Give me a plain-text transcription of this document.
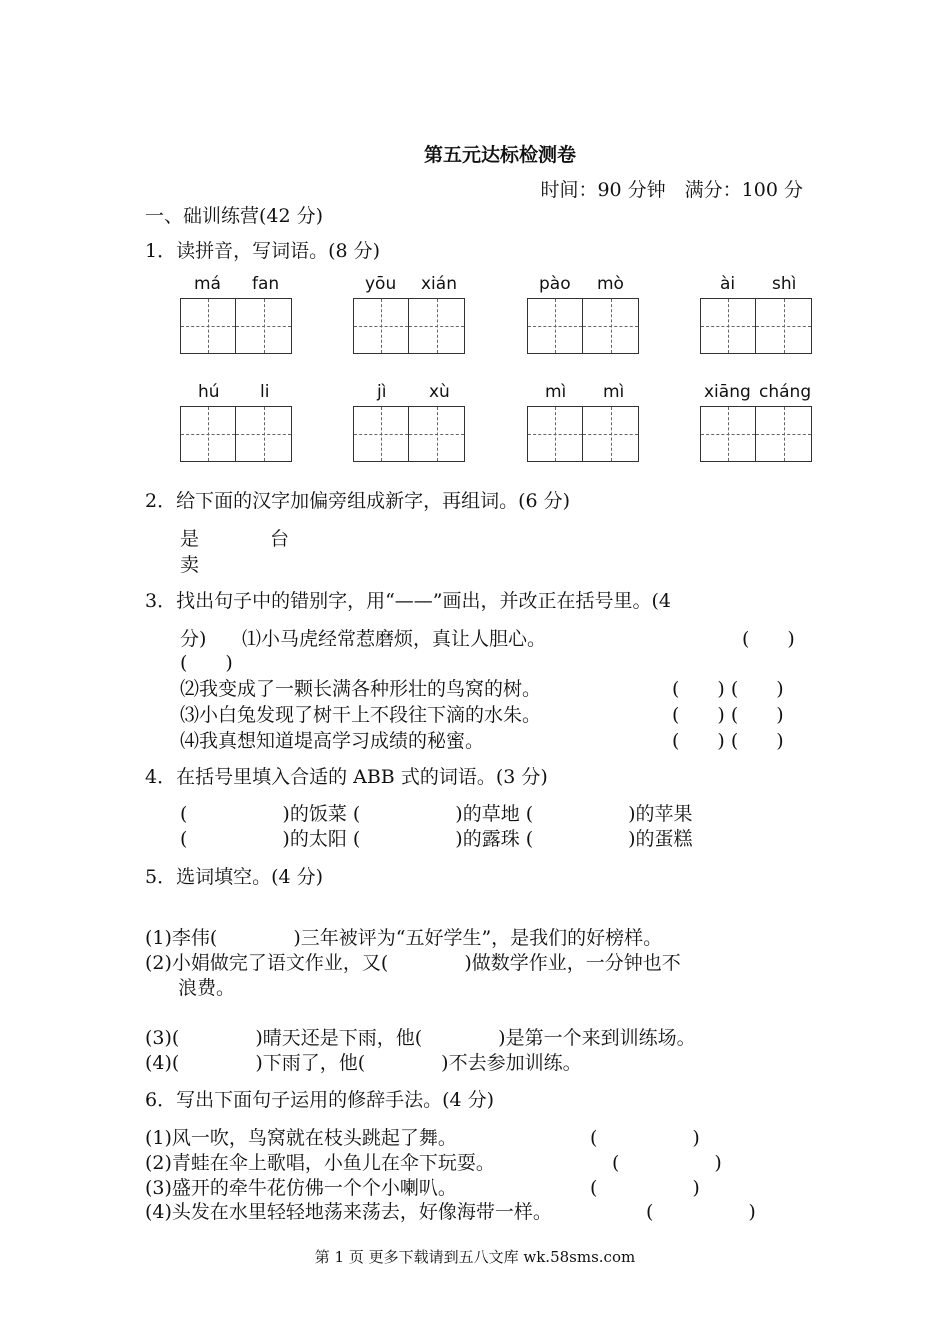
第五元达标检测卷
时间：90 分钟　满分：100 分
一、础训练营(42 分)
1．读拼音，写词语。(8 分)
má fan	yōu xián	pào mò	ài shì
hú li	jì	xù	mì mì	xiāng cháng
2．给下面的汉字加偏旁组成新字，再组词。(6 分)
是	台
卖
3．找出句子中的错别字，用“——”画出，并改正在括号里。(4
分) ⑴小马虎经常惹磨烦，真让人胆心。	(　　)
(　　)
⑵我变成了一颗长满各种形壮的鸟窝的树。	(　　) (　　)
⑶小白兔发现了树干上不段往下滴的水朱。	(　　) (　　)
⑷我真想知道堤高学习成绩的秘蜜。	(　　) (　　)
4．在括号里填入合适的 ABB 式的词语。(3 分)
(　　　　　)的饭菜 (　　　　　)的草地 (　　　　　)的苹果
(　　　　　)的太阳 (　　　　　)的露珠 (　　　　　)的蛋糕
5．选词填空。(4 分)
(1)李伟(　　　　)三年被评为“五好学生”，是我们的好榜样。
(2)小娟做完了语文作业，又(　　　　)做数学作业，一分钟也不
浪费。
(3)(　　　　)晴天还是下雨，他(　　　　)是第一个来到训练场。
(4)(　　　　)下雨了，他(　　　　)不去参加训练。
6．写出下面句子运用的修辞手法。(4 分)
(1)风一吹，鸟窝就在枝头跳起了舞。	(　　　　　)
(2)青蛙在伞上歌唱，小鱼儿在伞下玩耍。	(　　　　　)
(3)盛开的牵牛花仿佛一个个小喇叭。	(　　　　　)
(4)头发在水里轻轻地荡来荡去，好像海带一样。	(　　　　　)
第 1 页 更多下载请到五八文库 wk.58sms.com
